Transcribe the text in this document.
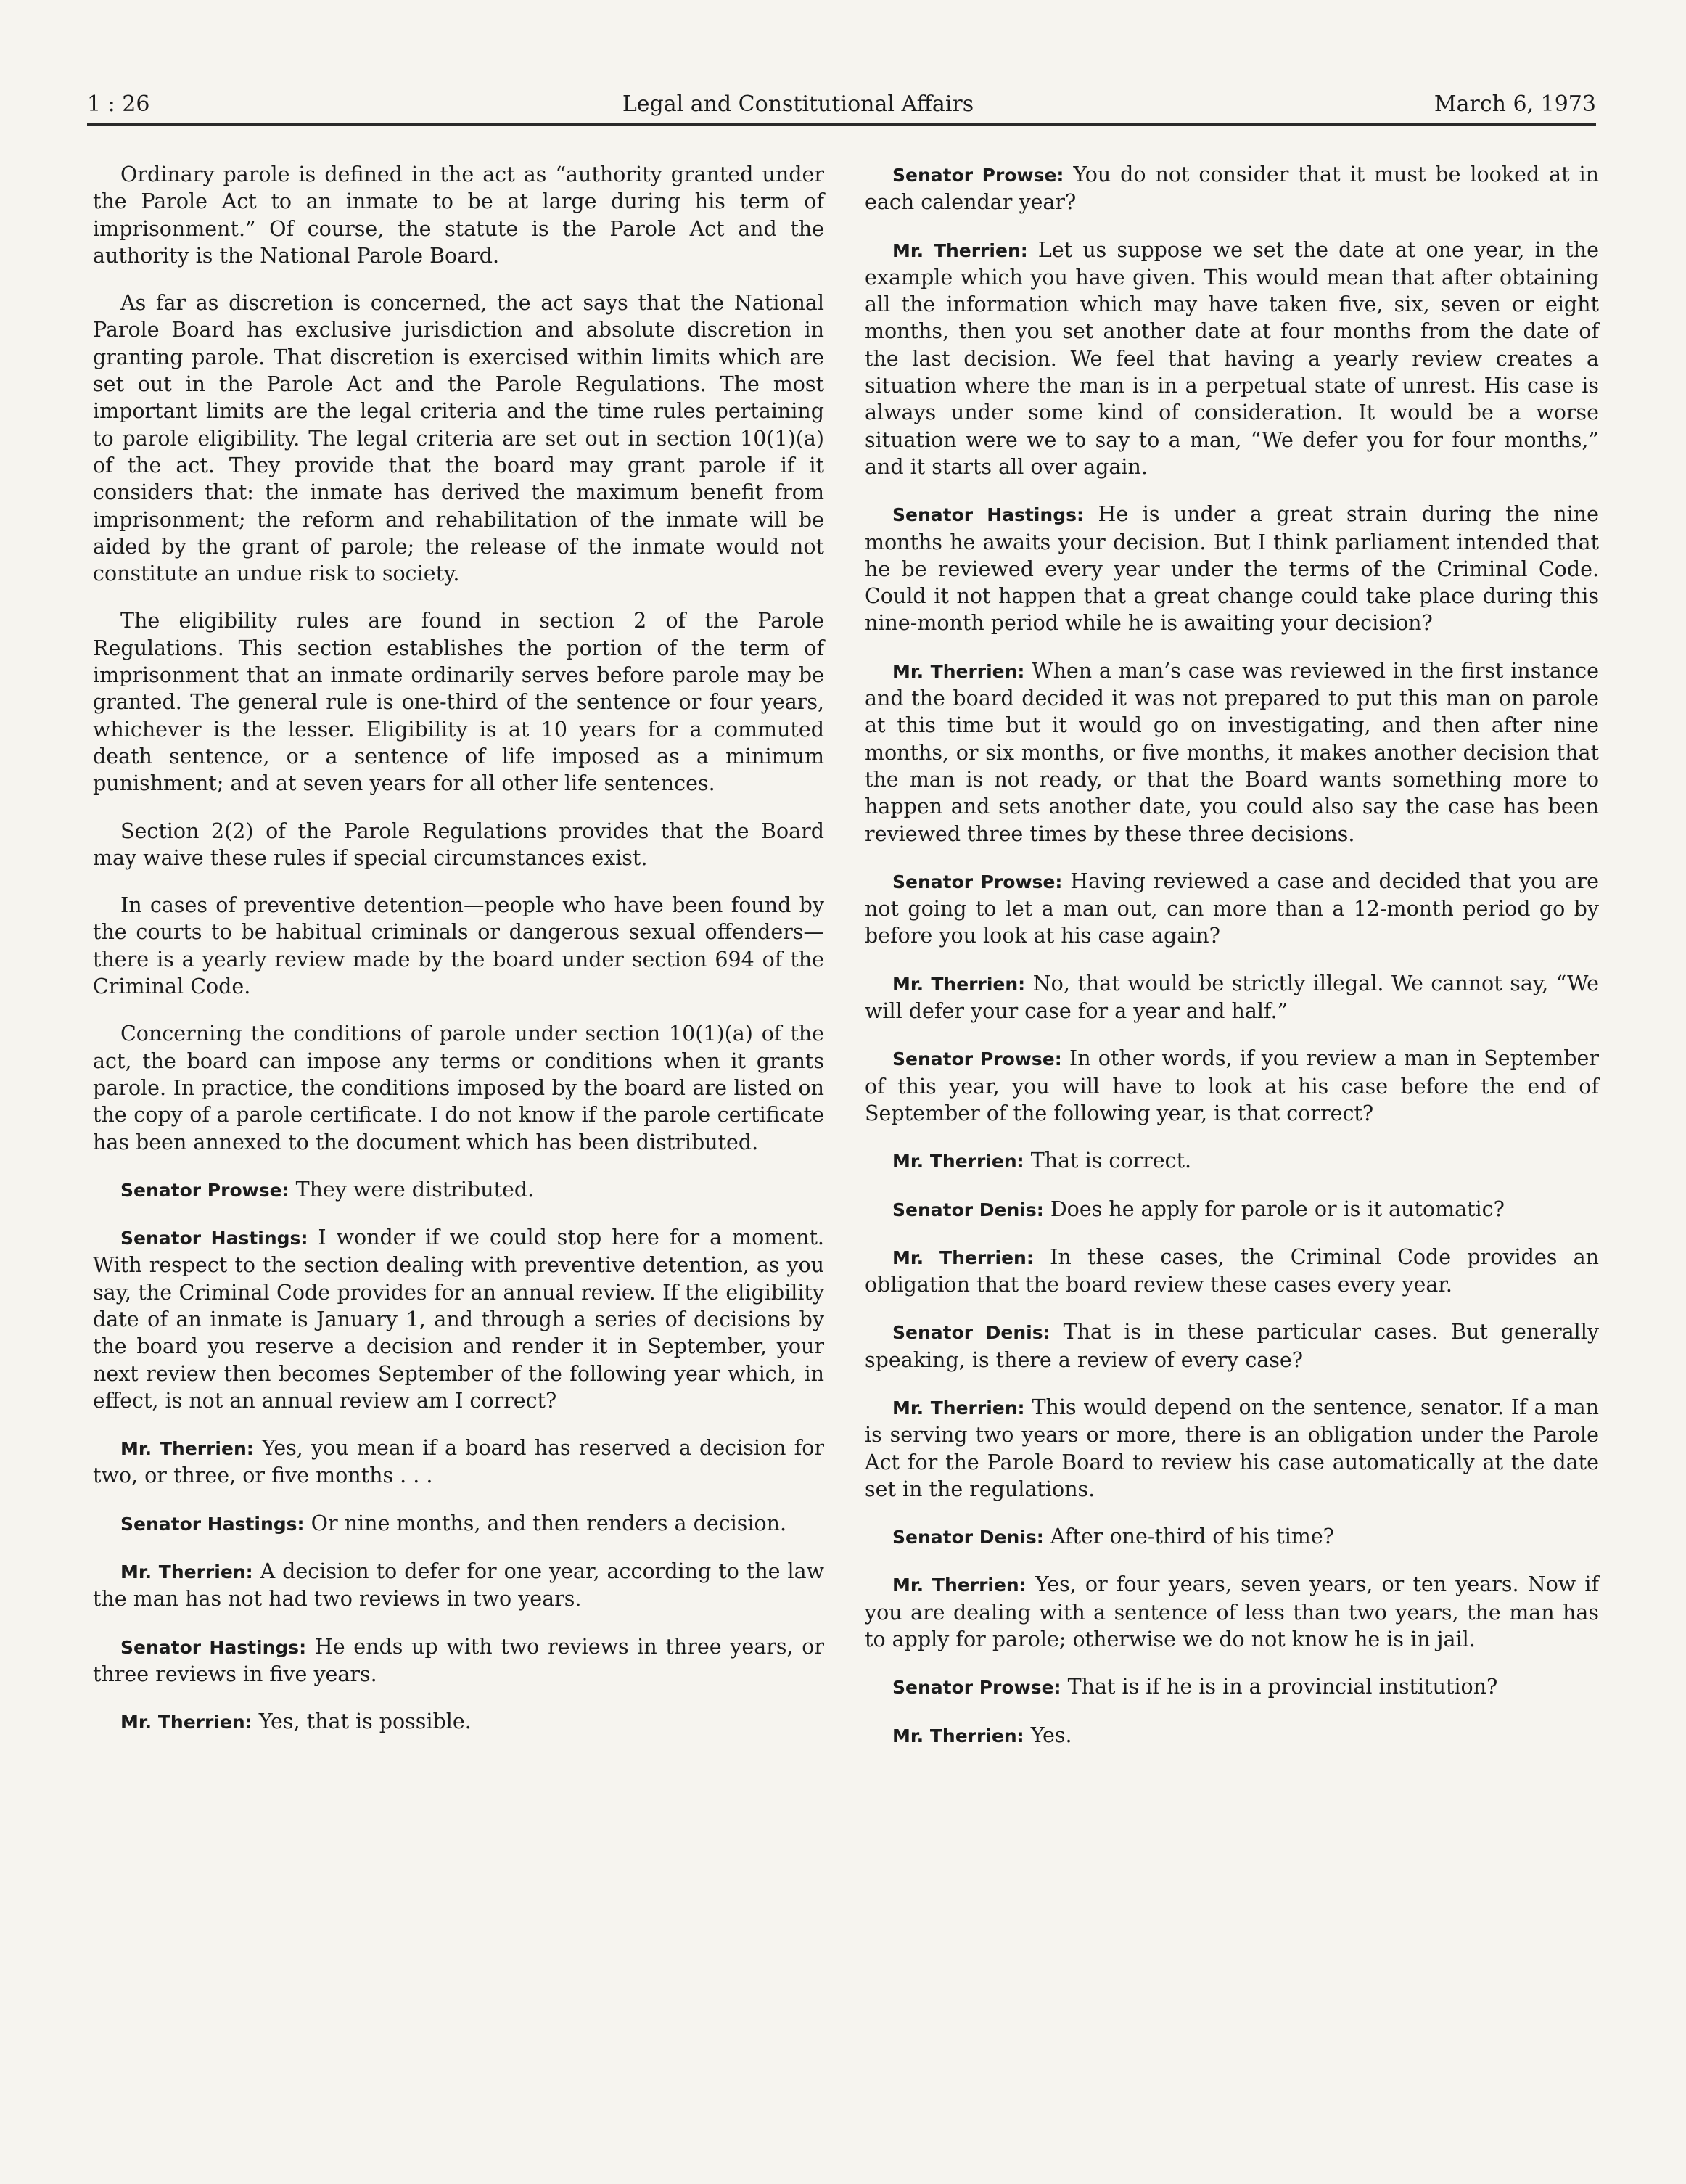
1 : 26	Legal and Constitutional Affairs	March 6, 1973

Ordinary parole is defined in the act as “authority granted under the Parole Act to an inmate to be at large during his term of imprisonment.” Of course, the statute is the Parole Act and the authority is the National Parole Board.

As far as discretion is concerned, the act says that the National Parole Board has exclusive jurisdiction and absolute discretion in granting parole. That discretion is exercised within limits which are set out in the Parole Act and the Parole Regulations. The most important limits are the legal criteria and the time rules pertaining to parole eligibility. The legal criteria are set out in section 10(1)(a) of the act. They provide that the board may grant parole if it considers that: the inmate has derived the maximum benefit from imprisonment; the reform and rehabilitation of the inmate will be aided by the grant of parole; the release of the inmate would not constitute an undue risk to society.

The eligibility rules are found in section 2 of the Parole Regulations. This section establishes the portion of the term of imprisonment that an inmate ordinarily serves before parole may be granted. The general rule is one-third of the sentence or four years, whichever is the lesser. Eligibility is at 10 years for a commuted death sentence, or a sentence of life imposed as a minimum punishment; and at seven years for all other life sentences.

Section 2(2) of the Parole Regulations provides that the Board may waive these rules if special circumstances exist.

In cases of preventive detention—people who have been found by the courts to be habitual criminals or dangerous sexual offenders—there is a yearly review made by the board under section 694 of the Criminal Code.

Concerning the conditions of parole under section 10(1)(a) of the act, the board can impose any terms or conditions when it grants parole. In practice, the conditions imposed by the board are listed on the copy of a parole certificate. I do not know if the parole certificate has been annexed to the document which has been distributed.

Senator Prowse: They were distributed.

Senator Hastings: I wonder if we could stop here for a moment. With respect to the section dealing with preventive detention, as you say, the Criminal Code provides for an annual review. If the eligibility date of an inmate is January 1, and through a series of decisions by the board you reserve a decision and render it in September, your next review then becomes September of the following year which, in effect, is not an annual review am I correct?

Mr. Therrien: Yes, you mean if a board has reserved a decision for two, or three, or five months . . .

Senator Hastings: Or nine months, and then renders a decision.

Mr. Therrien: A decision to defer for one year, according to the law the man has not had two reviews in two years.

Senator Hastings: He ends up with two reviews in three years, or three reviews in five years.

Mr. Therrien: Yes, that is possible.

Senator Prowse: You do not consider that it must be looked at in each calendar year?

Mr. Therrien: Let us suppose we set the date at one year, in the example which you have given. This would mean that after obtaining all the information which may have taken five, six, seven or eight months, then you set another date at four months from the date of the last decision. We feel that having a yearly review creates a situation where the man is in a perpetual state of unrest. His case is always under some kind of consideration. It would be a worse situation were we to say to a man, “We defer you for four months,” and it starts all over again.

Senator Hastings: He is under a great strain during the nine months he awaits your decision. But I think parliament intended that he be reviewed every year under the terms of the Criminal Code. Could it not happen that a great change could take place during this nine-month period while he is awaiting your decision?

Mr. Therrien: When a man’s case was reviewed in the first instance and the board decided it was not prepared to put this man on parole at this time but it would go on investigating, and then after nine months, or six months, or five months, it makes another decision that the man is not ready, or that the Board wants something more to happen and sets another date, you could also say the case has been reviewed three times by these three decisions.

Senator Prowse: Having reviewed a case and decided that you are not going to let a man out, can more than a 12-month period go by before you look at his case again?

Mr. Therrien: No, that would be strictly illegal. We cannot say, “We will defer your case for a year and half.”

Senator Prowse: In other words, if you review a man in September of this year, you will have to look at his case before the end of September of the following year, is that correct?

Mr. Therrien: That is correct.

Senator Denis: Does he apply for parole or is it automatic?

Mr. Therrien: In these cases, the Criminal Code provides an obligation that the board review these cases every year.

Senator Denis: That is in these particular cases. But generally speaking, is there a review of every case?

Mr. Therrien: This would depend on the sentence, senator. If a man is serving two years or more, there is an obligation under the Parole Act for the Parole Board to review his case automatically at the date set in the regulations.

Senator Denis: After one-third of his time?

Mr. Therrien: Yes, or four years, seven years, or ten years. Now if you are dealing with a sentence of less than two years, the man has to apply for parole; otherwise we do not know he is in jail.

Senator Prowse: That is if he is in a provincial institution?

Mr. Therrien: Yes.
